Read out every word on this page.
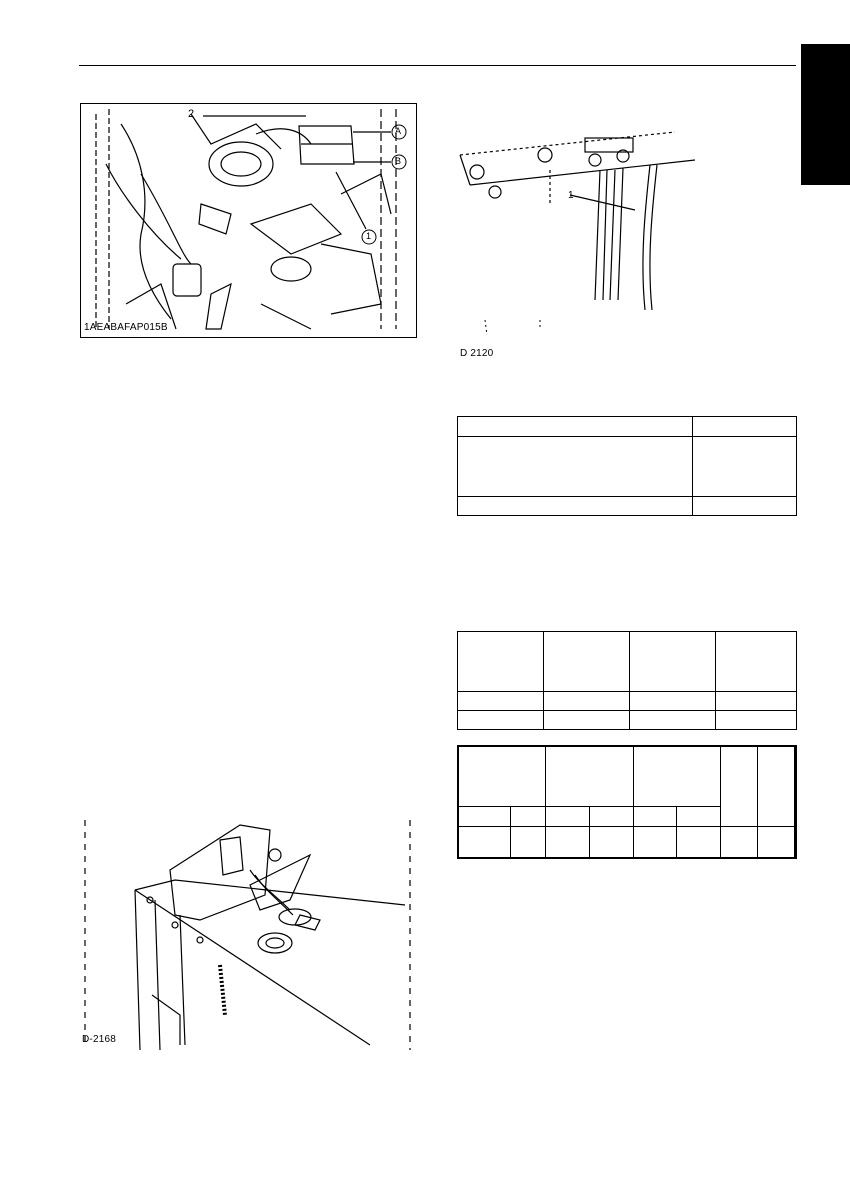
2
A
B
1
1AEABAFAP015B
1
D 2120

D-2168
